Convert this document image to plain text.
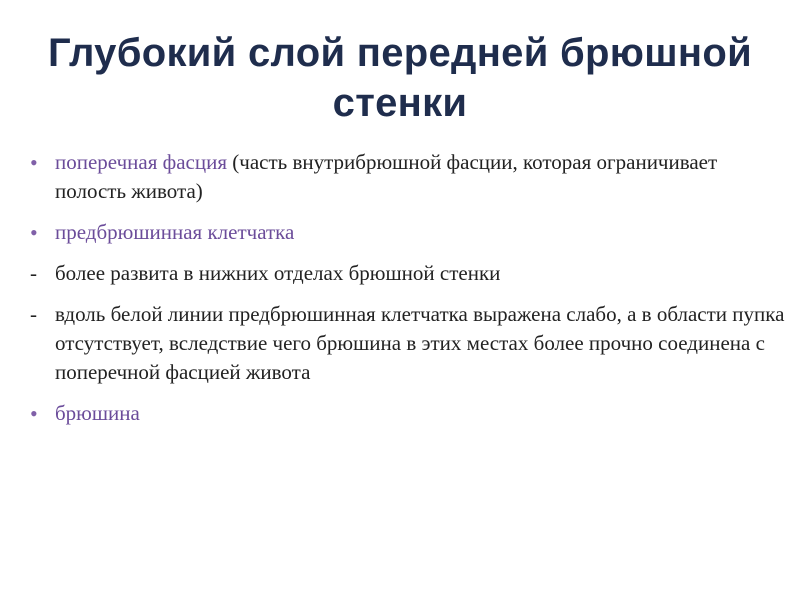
Глубокий слой передней брюшной
стенки
• поперечная фасция (часть внутрибрюшной фасции, которая ограничивает полость живота)
• предбрюшинная клетчатка
- более развита в нижних отделах брюшной стенки
- вдоль белой линии предбрюшинная клетчатка выражена слабо, а в области пупка отсутствует, вследствие чего брюшина в этих местах более прочно соединена с поперечной фасцией живота
• брюшина
